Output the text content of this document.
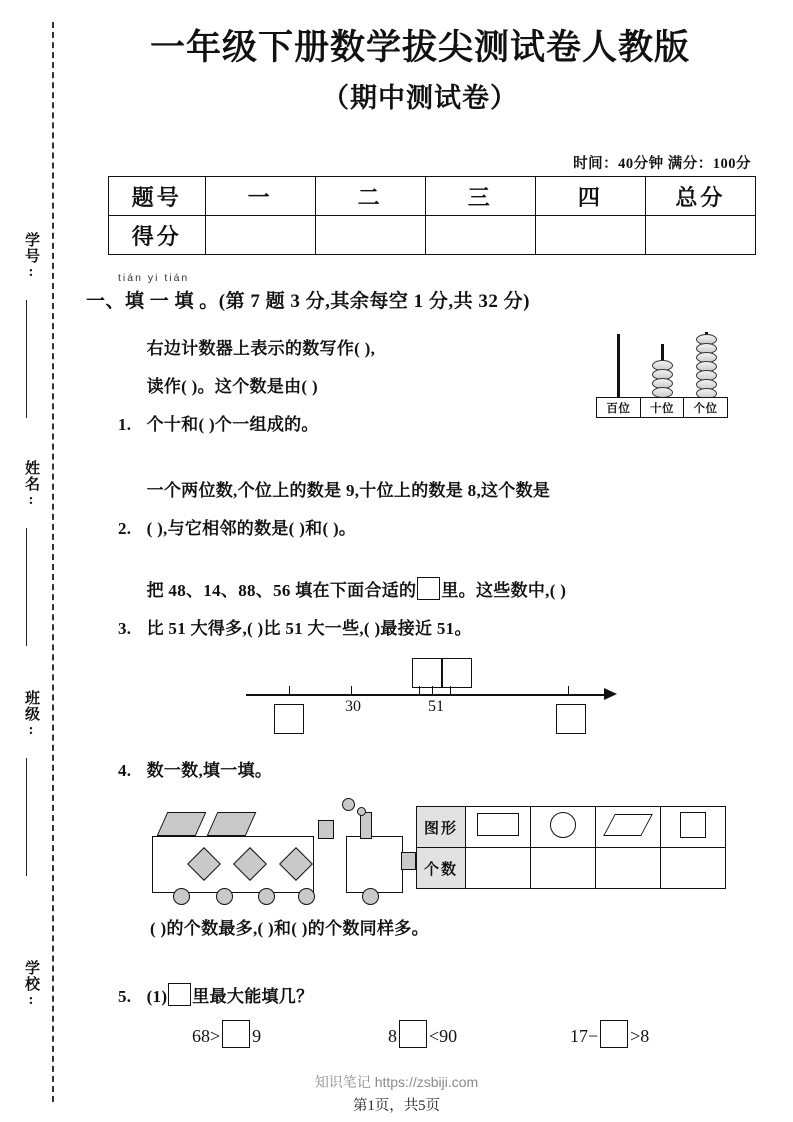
学号:
姓名:
班级:
学校:
一年级下册数学拔尖测试卷人教版
（期中测试卷）
时间：40分钟 满分：100分
题号	一	二	三	四	总分
得分					
tián yi tián
一、填 一 填 。(第 7 题 3 分,其余每空 1 分,共 32 分)
1.
右边计数器上表示的数写作( ),
读作( )。这个数是由( )
个十和( )个一组成的。
百位	十位	个位
2.
一个两位数,个位上的数是 9,十位上的数是 8,这个数是
( ),与它相邻的数是( )和( )。
3.
把 48、14、88、56 填在下面合适的 里。这些数中,( )
比 51 大得多,( )比 51 大一些,( )最接近 51。
30	51
4. 数一数,填一填。
图形				
个数				
( )的个数最多,( )和( )的个数同样多。
5. (1) 里最大能填几？
68> 9	8 <90	17− >8
知识笔记 https://zsbiji.com
第1页，共5页
